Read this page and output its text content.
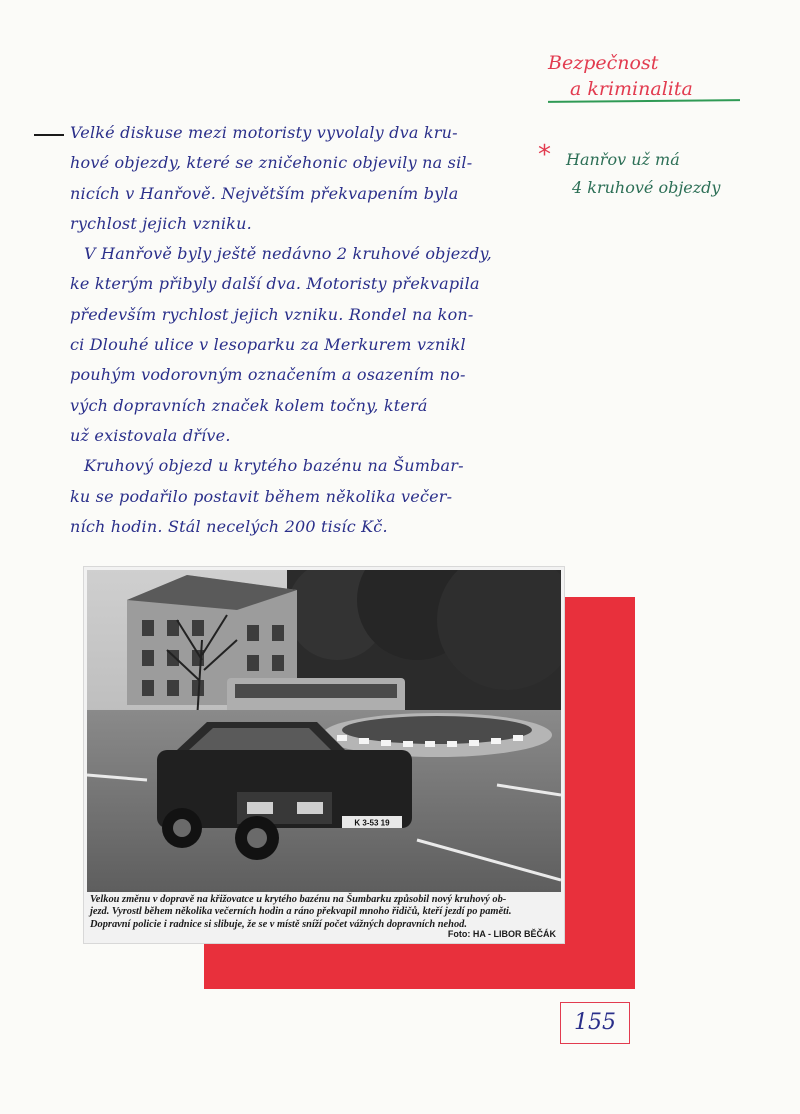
Bezpečnost
a kriminalita
Velké diskuse mezi motoristy vyvolaly dva kru-
hové objezdy, které se zničehonic objevily na sil-
nicích v Hanřově. Největším překvapením byla
rychlost jejich vzniku.
V Hanřově byly ještě nedávno 2 kruhové objezdy,
ke kterým přibyly další dva. Motoristy překvapila
především rychlost jejich vzniku. Rondel na kon-
ci Dlouhé ulice v lesoparku za Merkurem vznikl
pouhým vodorovným označením a osazením no-
vých dopravních značek kolem točny, která
už existovala dříve.
Kruhový objezd u krytého bazénu na Šumbar-
ku se podařilo postavit během několika večer-
ních hodin. Stál necelých 200 tisíc Kč.
* Hanřov už má
4 kruhové objezdy
K 3-53 19
Velkou změnu v dopravě na křižovatce u krytého bazénu na Šumbarku způsobil nový kruhový ob-
jezd. Vyrostl během několika večerních hodin a ráno překvapil mnoho řidičů, kteří jezdí po paměti.
Dopravní policie i radnice si slibuje, že se v místě sníží počet vážných dopravních nehod.
Foto: HA - LIBOR BĚČÁK
155
